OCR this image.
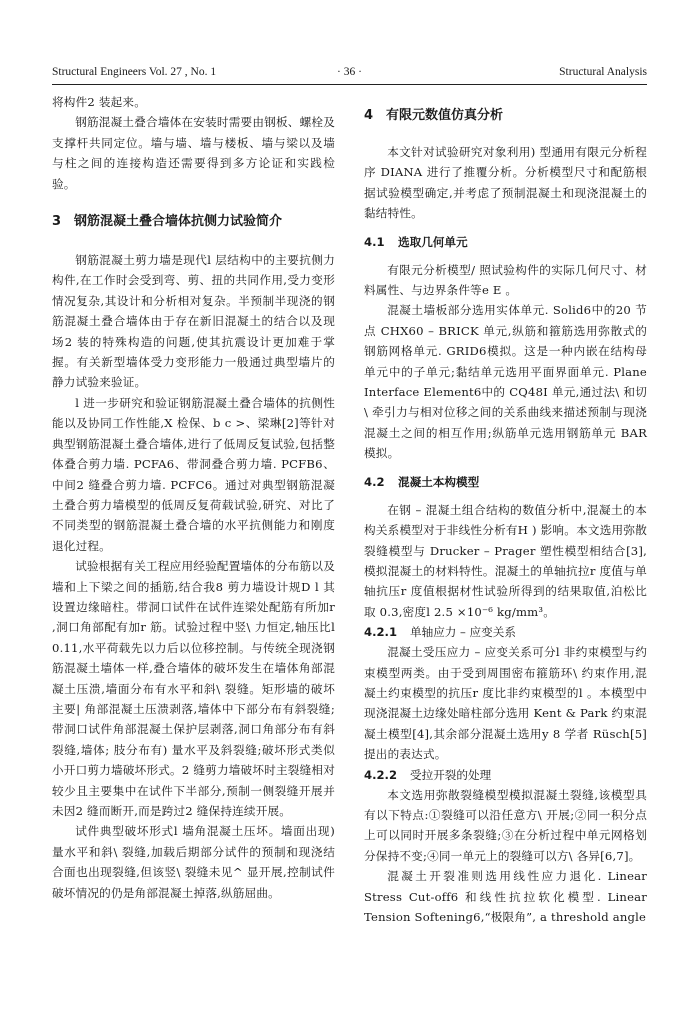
Structural Engineers Vol. 27 , No. 1	· 36 ·	Structural Analysis

将构件2 装起来。

钢筋混凝土叠合墙体在安装时需要由钢板、螺栓及支撑杆共同定位。墙与墙、墙与楼板、墙与梁以及墙与柱之间的连接构造还需要得到多方论证和实践检验。

3 钢筋混凝土叠合墙体抗侧力试验简介

钢筋混凝土剪力墙是现代l 层结构中的主要抗侧力构件,在工作时会受到弯、剪、扭的共同作用,受力变形情况复杂,其设计和分析相对复杂。半预制半现浇的钢筋混凝土叠合墙体由于存在新旧混凝土的结合以及现场2 装的特殊构造的问题,使其抗震设计更加难于掌握。有关新型墙体受力变形能力一般通过典型墙片的静力试验来验证。

l 进一步研究和验证钢筋混凝土叠合墙体的抗侧性能以及协同工作性能,X 检保、b c >、梁琳[2]等针对典型钢筋混凝土叠合墙体,进行了低周反复试验,包括整体叠合剪力墙. PCFA6、带洞叠合剪力墙. PCFB6、中间2 缝叠合剪力墙. PCFC6。通过对典型钢筋混凝土叠合剪力墙模型的低周反复荷载试验,研究、对比了不同类型的钢筋混凝土叠合墙的水平抗侧能力和刚度退化过程。

试验根据有关工程应用经验配置墙体的分布筋以及墙和上下梁之间的插筋,结合我8 剪力墙设计规D l 其设置边缘暗柱。带洞口试件在试件连梁处配筋有所加r ,洞口角部配有加r 筋。试验过程中竖\ 力恒定,轴压比l 0.11,水平荷载先以力后以位移控制。与传统全现浇钢筋混凝土墙体一样,叠合墙体的破坏发生在墙体角部混凝土压溃,墙面分布有水平和斜\ 裂缝。矩形墙的破坏主要| 角部混凝土压溃剥落,墙体中下部分布有斜裂缝;带洞口试件角部混凝土保护层剥落,洞口角部分布有斜裂缝,墙体; 肢分布有) 量水平及斜裂缝;破坏形式类似小开口剪力墙破坏形式。2 缝剪力墙破坏时主裂缝相对较少且主要集中在试件下半部分,预制一侧裂缝开展并未因2 缝而断开,而是跨过2 缝保持连续开展。

试件典型破坏形式l 墙角混凝土压坏。墙面出现) 量水平和斜\ 裂缝,加载后期部分试件的预制和现浇结合面也出现裂缝,但该竖\ 裂缝未见^ 显开展,控制试件破坏情况的仍是角部混凝土掉落,纵筋屈曲。

4 有限元数值仿真分析

本文针对试验研究对象利用) 型通用有限元分析程序 DIANA 进行了推覆分析。分析模型尺寸和配筋根据试验模型确定,并考虑了预制混凝土和现浇混凝土的黏结特性。

4.1 选取几何单元

有限元分析模型/ 照试验构件的实际几何尺寸、材料属性、与边界条件等e E 。

混凝土墙板部分选用实体单元. Solid6中的20 节点 CHX60 – BRICK 单元,纵筋和箍筋选用弥散式的钢筋网格单元. GRID6模拟。这是一种内嵌在结构母单元中的子单元;黏结单元选用平面界面单元. Plane Interface Element6中的 CQ48I 单元,通过法\ 和切\ 牵引力与相对位移之间的关系曲线来描述预制与现浇混凝土之间的相互作用;纵筋单元选用钢筋单元 BAR 模拟。

4.2 混凝土本构模型

在钢 – 混凝土组合结构的数值分析中,混凝土的本构关系模型对于非线性分析有H ) 影响。本文选用弥散裂缝模型与 Drucker – Prager 塑性模型相结合[3],模拟混凝土的材料特性。混凝土的单轴抗拉r 度值与单轴抗压r 度值根据材性试验所得到的结果取值,泊松比取 0.3,密度l 2.5 ×10⁻⁶ kg/mm³。

4.2.1 单轴应力 – 应变关系

混凝土受压应力 – 应变关系可分l 非约束模型与约束模型两类。由于受到周围密布箍筋环\ 约束作用,混凝土约束模型的抗压r 度比非约束模型的l 。本模型中现浇混凝土边缘处暗柱部分选用 Kent & Park 约束混凝土模型[4],其余部分混凝土选用y 8 学者 Rüsch[5] 提出的表达式。

4.2.2 受拉开裂的处理

本文选用弥散裂缝模型模拟混凝土裂缝,该模型具有以下特点:①裂缝可以沿任意方\ 开展;②同一积分点上可以同时开展多条裂缝;③在分析过程中单元网格划分保持不变;④同一单元上的裂缝可以方\ 各异[6,7]。

混凝土开裂准则选用线性应力退化. Linear Stress Cut-off6 和线性抗拉软化模型. Linear Tension Softening6,“极限角”, a threshold angle
